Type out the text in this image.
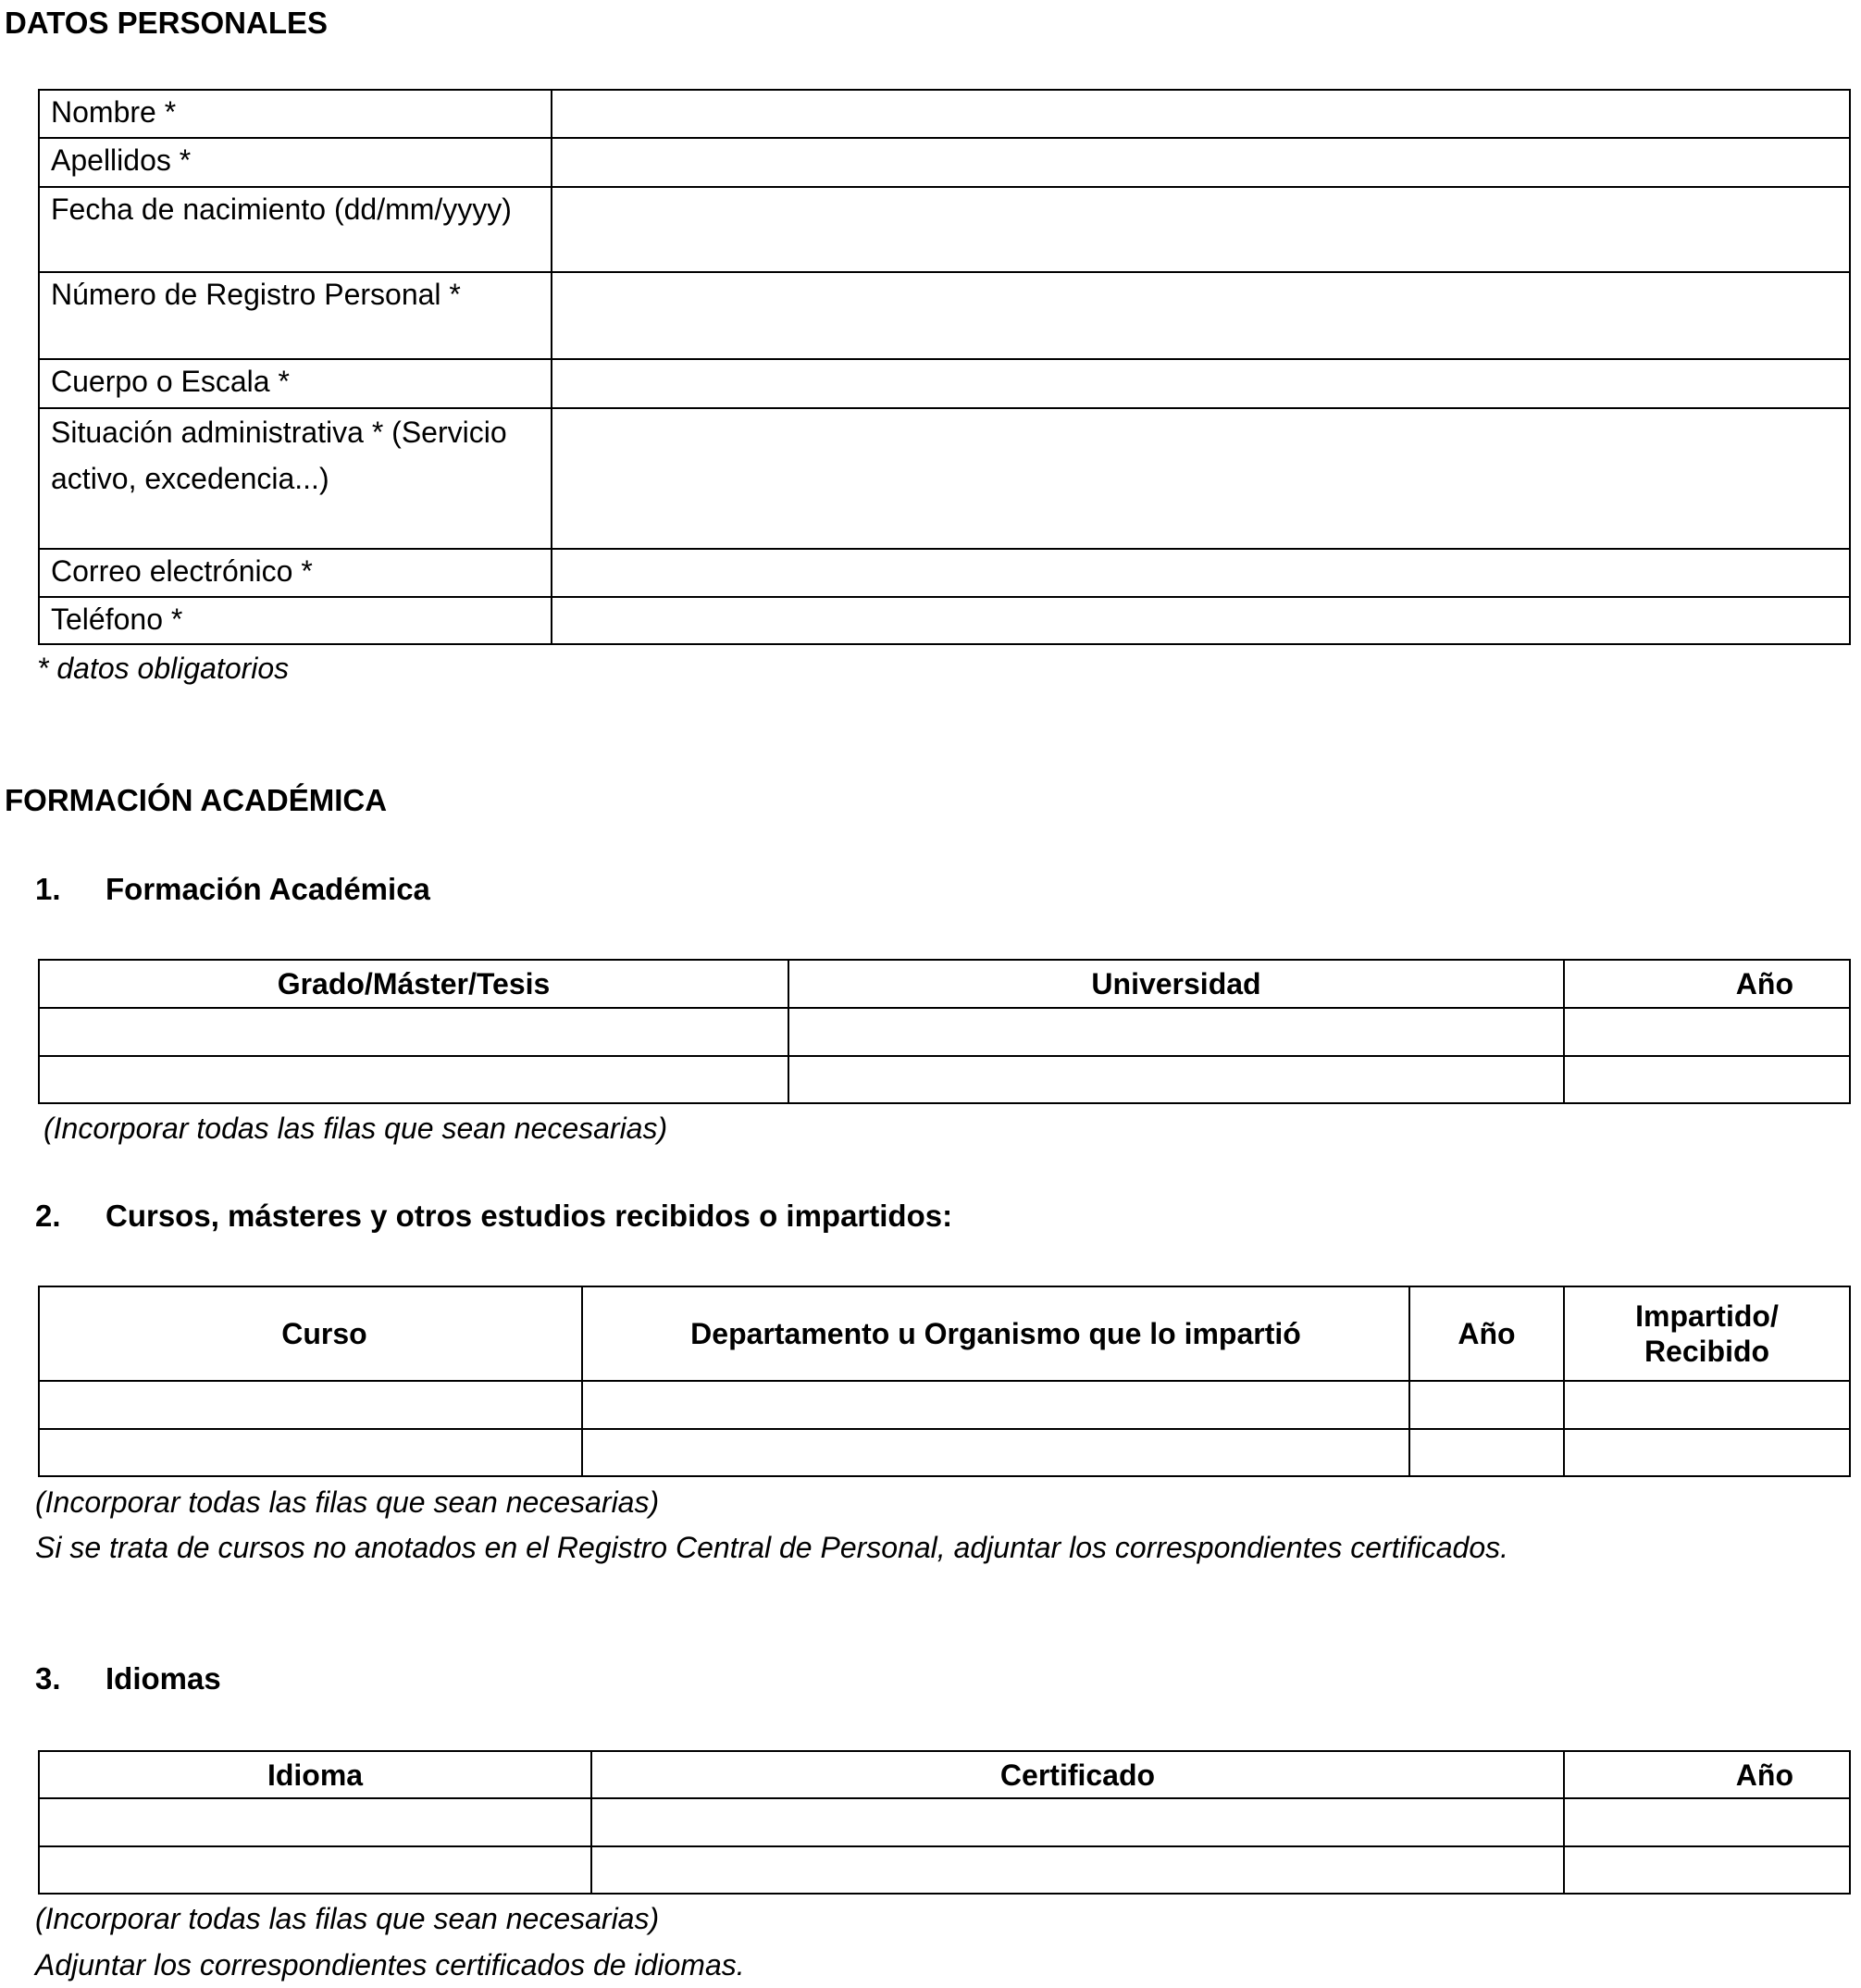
DATOS PERSONALES
Nombre *	
Apellidos *	
Fecha de nacimiento (dd/mm/yyyy)	
Número de Registro Personal *	
Cuerpo o Escala *	
Situación administrativa * (Servicio activo, excedencia...)	
Correo electrónico *	
Teléfono *	
* datos obligatorios
FORMACIÓN ACADÉMICA
1. Formación Académica
Grado/Máster/Tesis	Universidad	Año

(Incorporar todas las filas que sean necesarias)
2. Cursos, másteres y otros estudios recibidos o impartidos:
Curso	Departamento u Organismo que lo impartió	Año	Impartido/ Recibido

(Incorporar todas las filas que sean necesarias)
Si se trata de cursos no anotados en el Registro Central de Personal, adjuntar los correspondientes certificados.
3. Idiomas
Idioma	Certificado	Año

(Incorporar todas las filas que sean necesarias)
Adjuntar los correspondientes certificados de idiomas.
